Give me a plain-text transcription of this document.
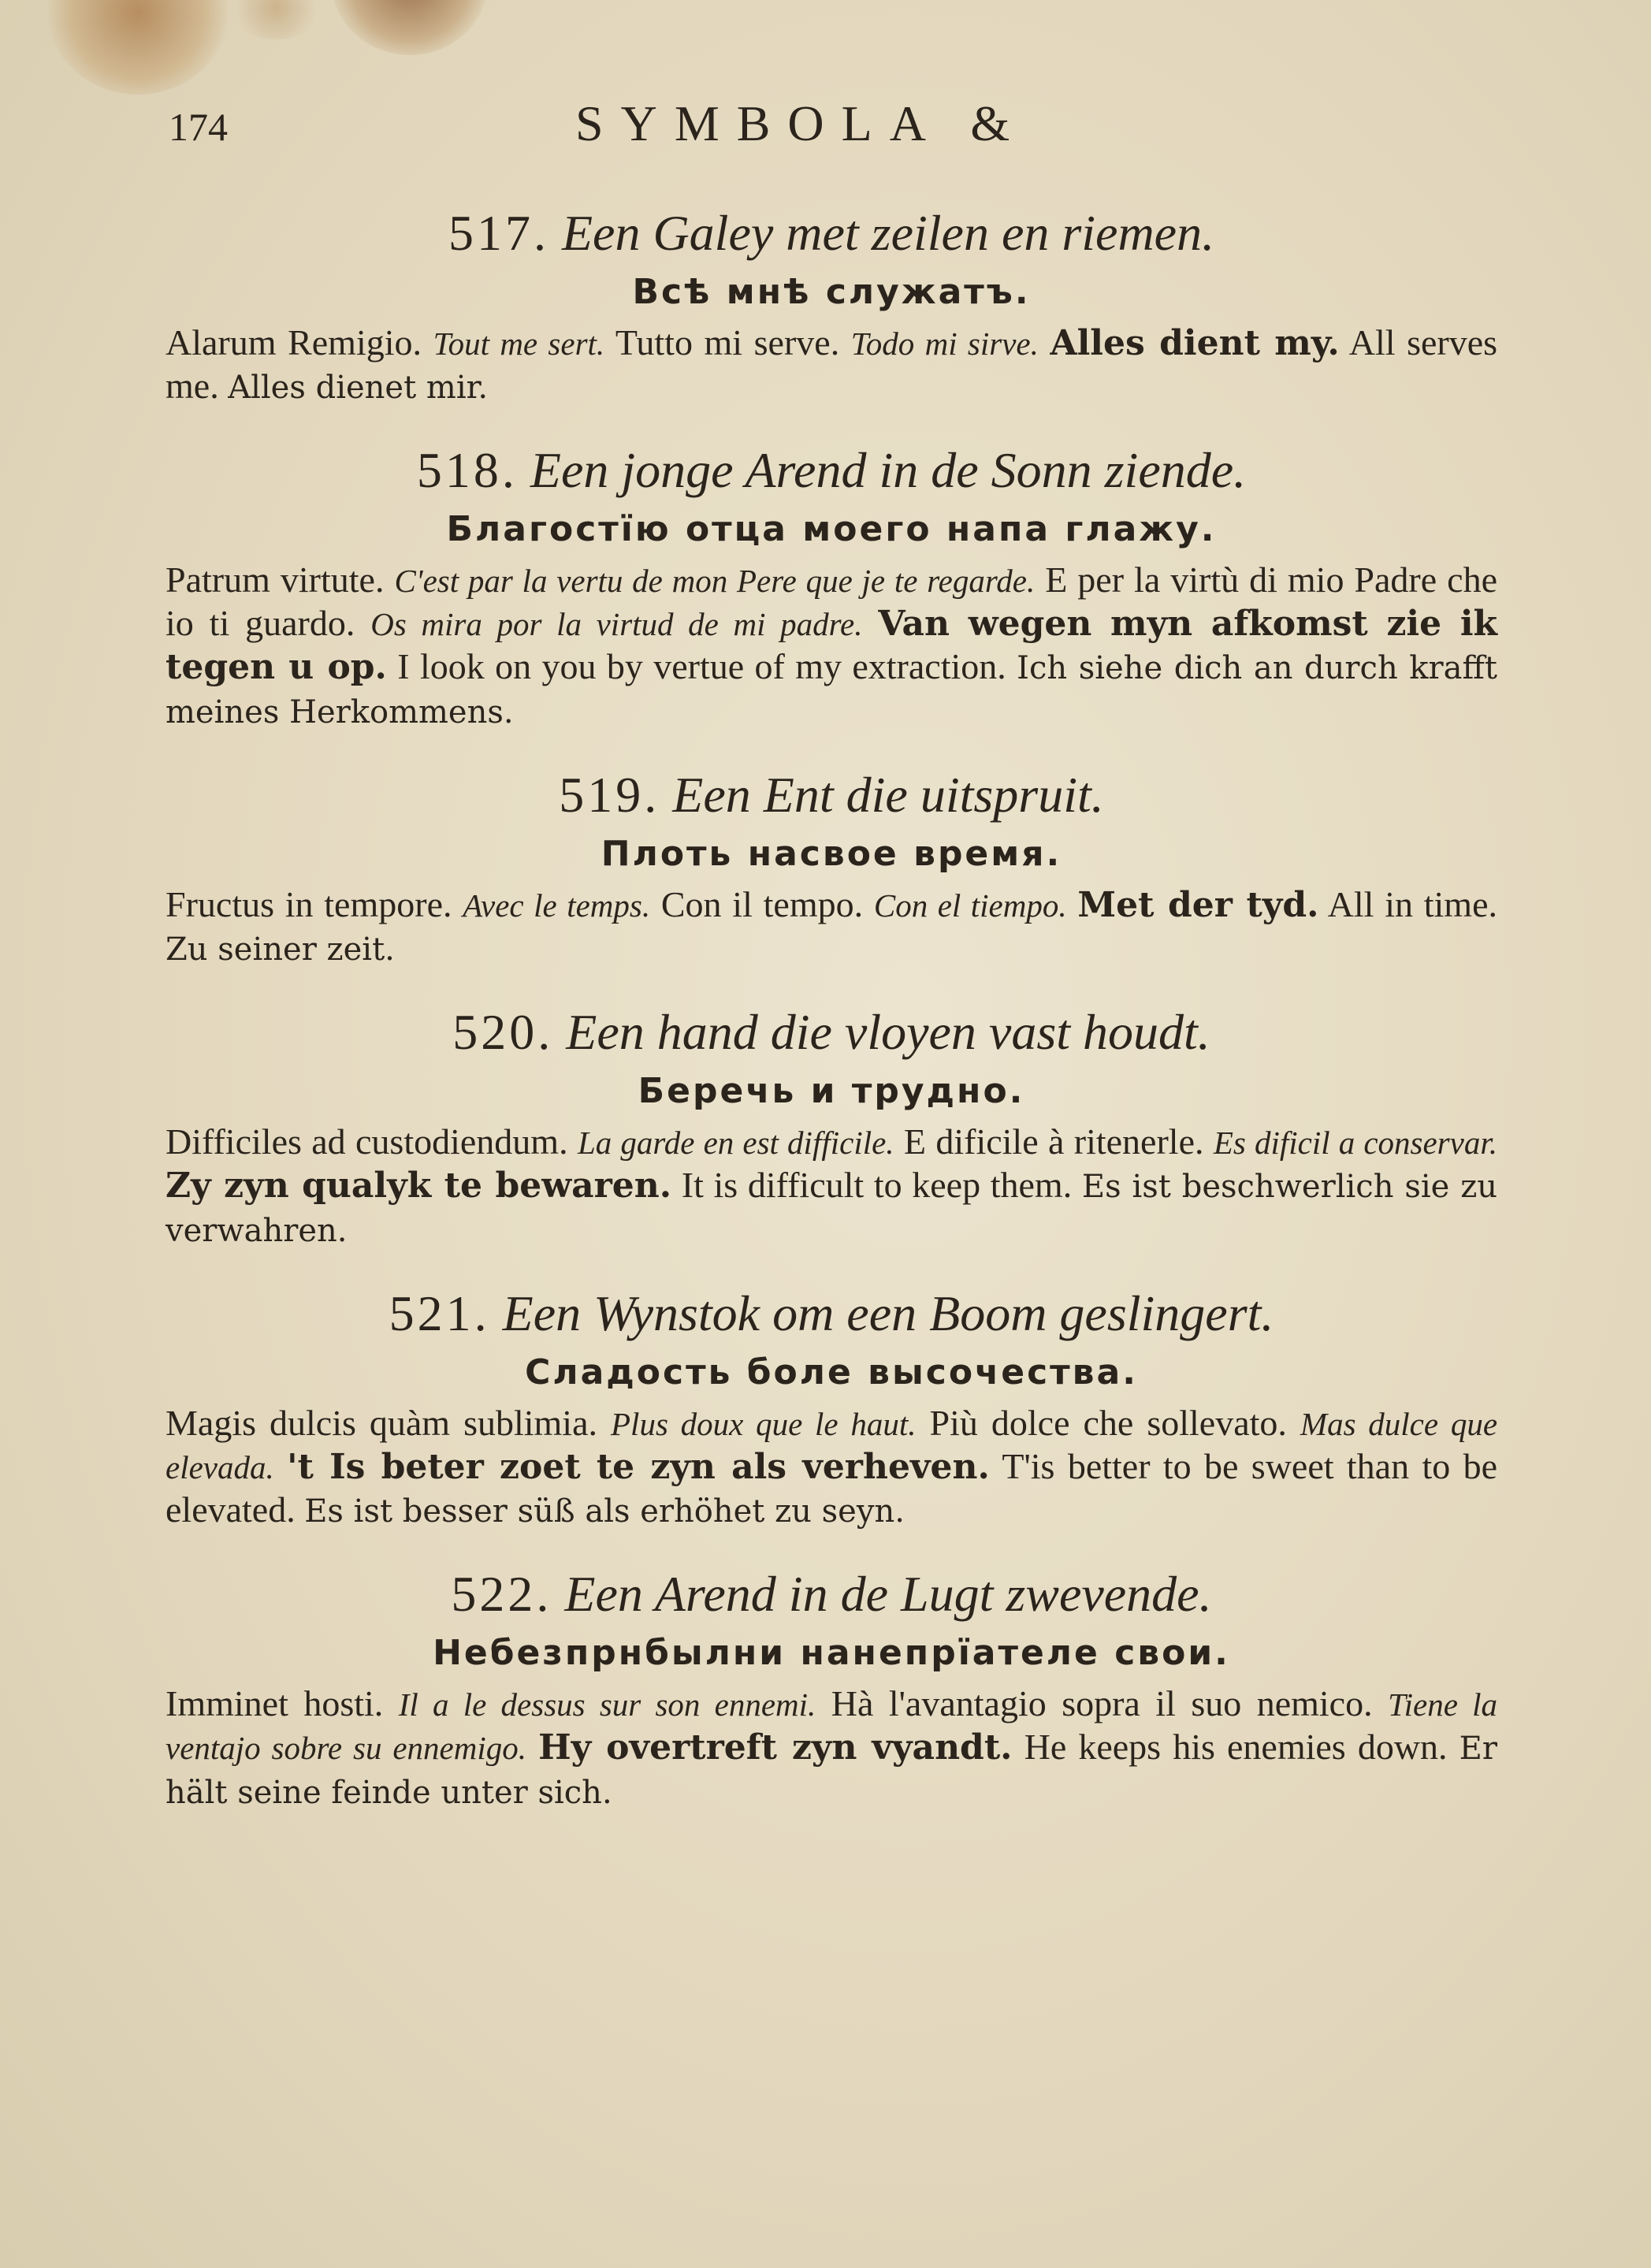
174	SYMBOLA &

517. Een Galey met zeilen en riemen.

Всѣ мнѣ служатъ.

Alarum Remigio. Tout me sert. Tutto mi serve. Todo mi sirve. Alles dient my. All serves me. Alles dienet mir.

518. Een jonge Arend in de Sonn ziende.

Благостїю отца моего напа глажу.

Patrum virtute. C'est par la vertu de mon Pere que je te regarde. E per la virtù di mio Padre che io ti guardo. Os mira por la virtud de mi padre. Van wegen myn afkomst zie ik tegen u op. I look on you by vertue of my extraction. Ich siehe dich an durch krafft meines Herkommens.

519. Een Ent die uitspruit.

Плоть насвое время.

Fructus in tempore. Avec le temps. Con il tempo. Con el tiempo. Met der tyd. All in time. Zu seiner zeit.

520. Een hand die vloyen vast houdt.

Беречь и трудно.

Difficiles ad custodiendum. La garde en est difficile. E dificile à ritenerle. Es dificil a conservar. Zy zyn qualyk te bewaren. It is difficult to keep them. Es ist beschwerlich sie zu verwahren.

521. Een Wynstok om een Boom geslingert.

Сладость боле высочества.

Magis dulcis quàm sublimia. Plus doux que le haut. Più dolce che sollevato. Mas dulce que elevada. 't Is beter zoet te zyn als verheven. T'is better to be sweet than to be elevated. Es ist besser süß als erhöhet zu seyn.

522. Een Arend in de Lugt zwevende.

Небезпрнбылни нанепрїателе свои.

Imminet hosti. Il a le dessus sur son ennemi. Hà l'avantagio sopra il suo nemico. Tiene la ventajo sobre su ennemigo. Hy overtreft zyn vyandt. He keeps his enemies down. Er hält seine feinde unter sich.
